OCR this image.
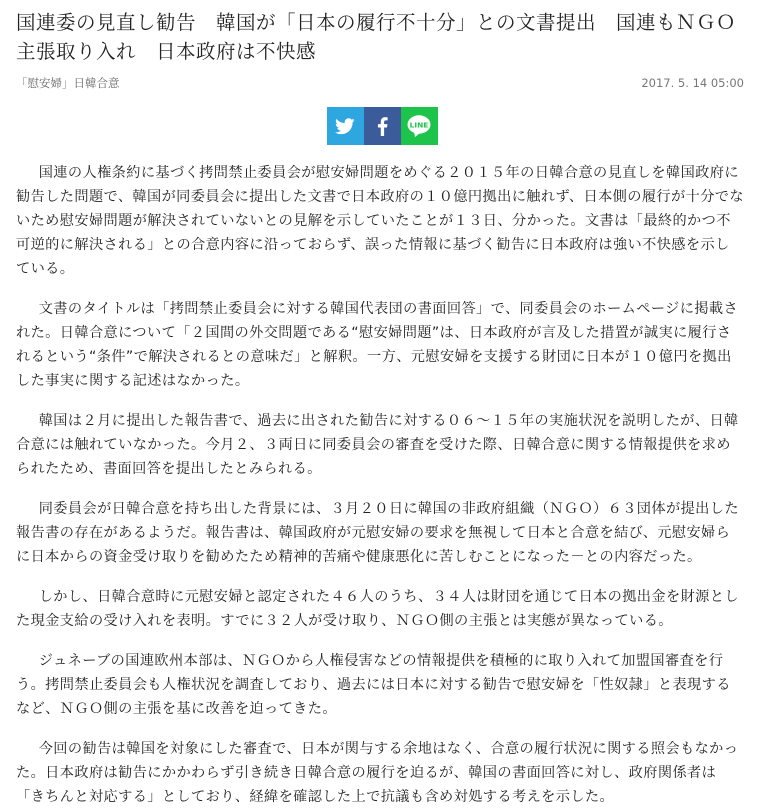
国連委の見直し勧告　韓国が「日本の履行不十分」との文書提出　国連もＮＧＯ主張取り入れ　日本政府は不快感
「慰安婦」日韓合意	2017. 5. 14 05:00
LINE

国連の人権条約に基づく拷問禁止委員会が慰安婦問題をめぐる２０１５年の日韓合意の見直しを韓国政府に勧告した問題で、韓国が同委員会に提出した文書で日本政府の１０億円拠出に触れず、日本側の履行が十分でないため慰安婦問題が解決されていないとの見解を示していたことが１３日、分かった。文書は「最終的かつ不可逆的に解決される」との合意内容に沿っておらず、誤った情報に基づく勧告に日本政府は強い不快感を示している。

文書のタイトルは「拷問禁止委員会に対する韓国代表団の書面回答」で、同委員会のホームページに掲載された。日韓合意について「２国間の外交問題である“慰安婦問題”は、日本政府が言及した措置が誠実に履行されるという“条件”で解決されるとの意味だ」と解釈。一方、元慰安婦を支援する財団に日本が１０億円を拠出した事実に関する記述はなかった。

韓国は２月に提出した報告書で、過去に出された勧告に対する０６～１５年の実施状況を説明したが、日韓合意には触れていなかった。今月２、３両日に同委員会の審査を受けた際、日韓合意に関する情報提供を求められたため、書面回答を提出したとみられる。

同委員会が日韓合意を持ち出した背景には、３月２０日に韓国の非政府組織（ＮＧＯ）６３団体が提出した報告書の存在があるようだ。報告書は、韓国政府が元慰安婦の要求を無視して日本と合意を結び、元慰安婦らに日本からの資金受け取りを勧めたため精神的苦痛や健康悪化に苦しむことになった－との内容だった。

しかし、日韓合意時に元慰安婦と認定された４６人のうち、３４人は財団を通じて日本の拠出金を財源とした現金支給の受け入れを表明。すでに３２人が受け取り、ＮＧＯ側の主張とは実態が異なっている。

ジュネーブの国連欧州本部は、ＮＧＯから人権侵害などの情報提供を積極的に取り入れて加盟国審査を行う。拷問禁止委員会も人権状況を調査しており、過去には日本に対する勧告で慰安婦を「性奴隷」と表現するなど、ＮＧＯ側の主張を基に改善を迫ってきた。

今回の勧告は韓国を対象にした審査で、日本が関与する余地はなく、合意の履行状況に関する照会もなかった。日本政府は勧告にかかわらず引き続き日韓合意の履行を迫るが、韓国の書面回答に対し、政府関係者は「きちんと対応する」としており、経緯を確認した上で抗議も含め対処する考えを示した。
